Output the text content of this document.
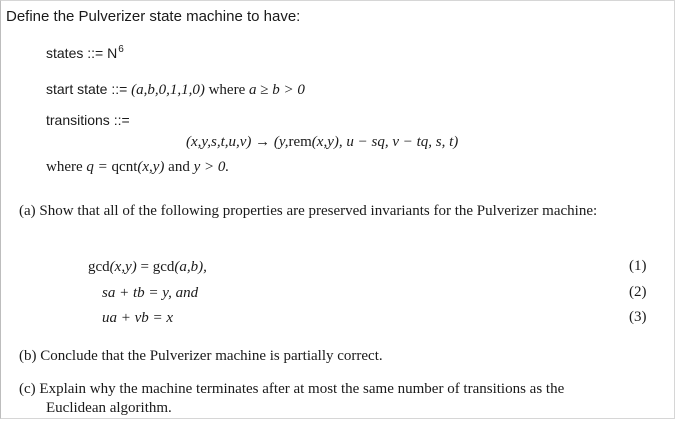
Define the Pulverizer state machine to have:
states ::= $N^6$
start state ::= (a,b,0,1,1,0) where a ≥ b > 0
transitions ::=
(x,y,s,t,u,v) → (y,rem(x,y), u − sq, v − tq, s, t)
where q = qcnt(x,y) and y > 0.
(a) Show that all of the following properties are preserved invariants for the Pulverizer machine:
gcd(x,y) = gcd(a,b),	(1)
sa + tb = y, and	(2)
ua + vb = x	(3)
(b) Conclude that the Pulverizer machine is partially correct.
(c) Explain why the machine terminates after at most the same number of transitions as the
Euclidean algorithm.
